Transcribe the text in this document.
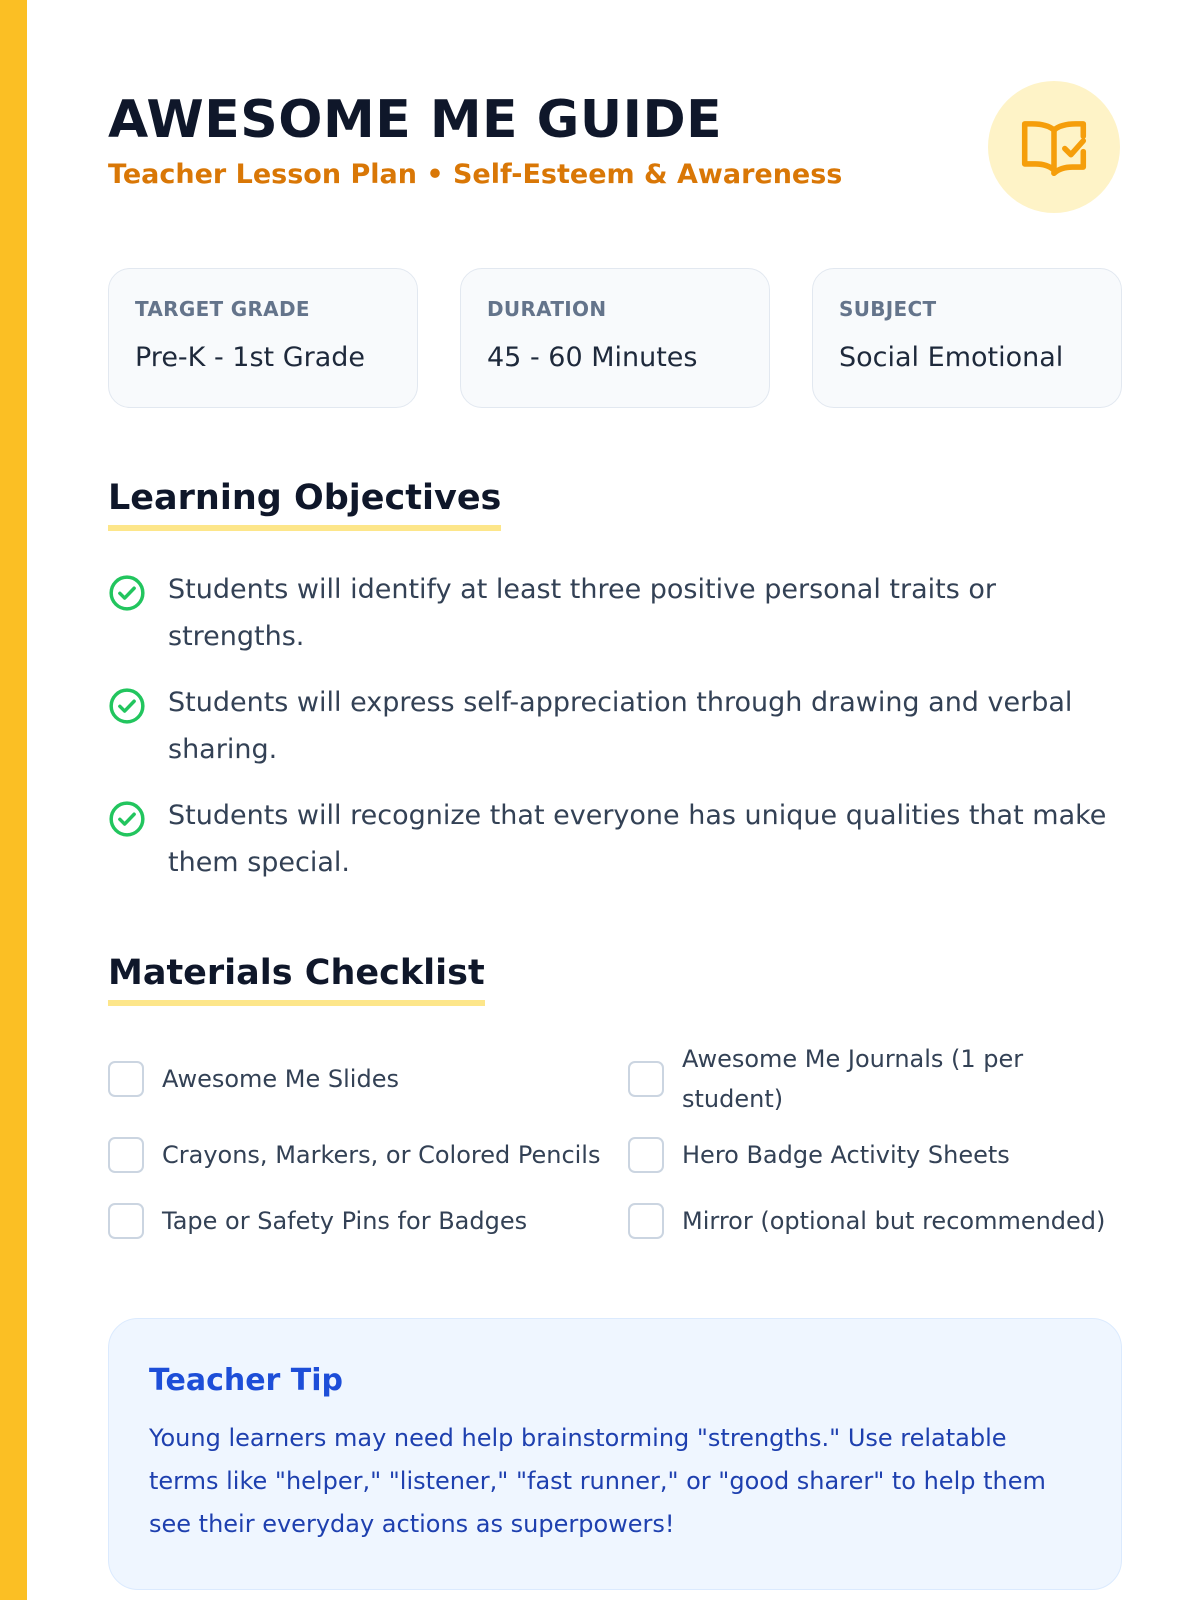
AWESOME ME GUIDE

Teacher Lesson Plan • Self-Esteem & Awareness

TARGET GRADE
Pre-K - 1st Grade
DURATION
45 - 60 Minutes
SUBJECT
Social Emotional
Learning Objectives
Students will identify at least three positive personal traits or strengths.
Students will express self-appreciation through drawing and verbal sharing.
Students will recognize that everyone has unique qualities that make them special.
Materials Checklist
Awesome Me Slides
Awesome Me Journals (1 per student)
Crayons, Markers, or Colored Pencils	Hero Badge Activity Sheets
Tape or Safety Pins for Badges	Mirror (optional but recommended)
Teacher Tip

Young learners may need help brainstorming "strengths." Use relatable terms like "helper," "listener," "fast runner," or "good sharer" to help them see their everyday actions as superpowers!
